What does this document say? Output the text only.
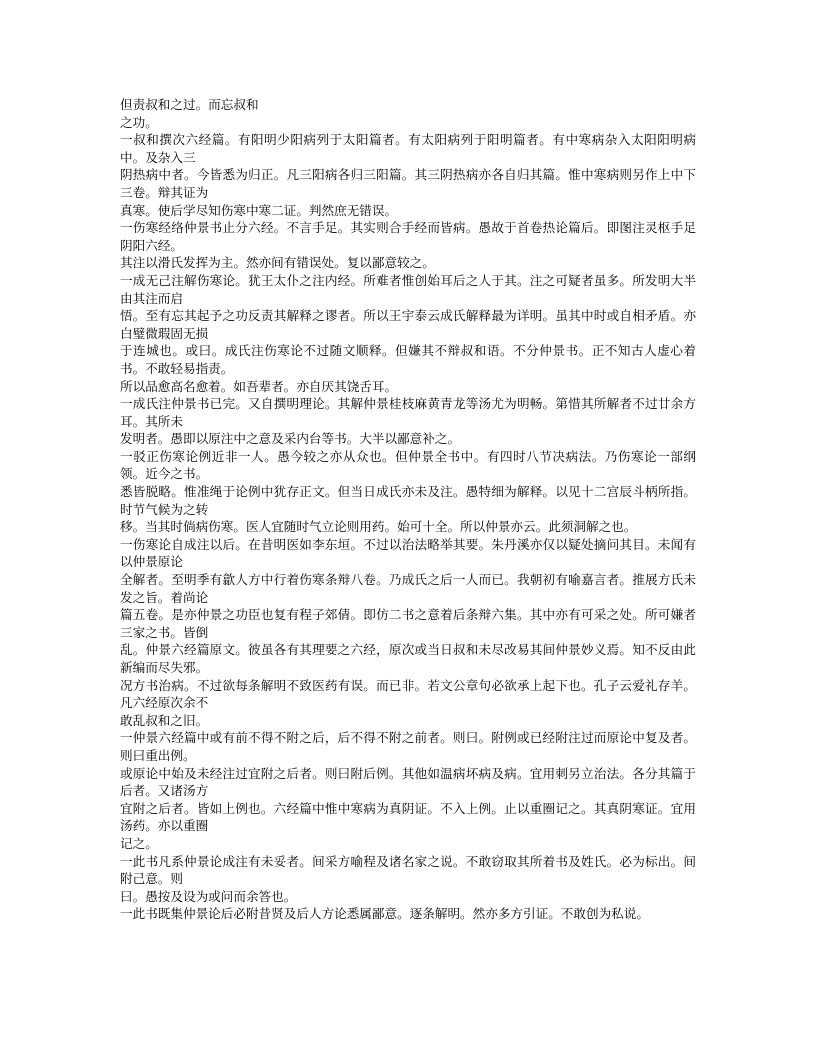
但责叔和之过。而忘叔和

之功。

一叔和撰次六经篇。有阳明少阳病列于太阳篇者。有太阳病列于阳明篇者。有中寒病杂入太阳阳明病中。及杂入三

阴热病中者。今皆悉为归正。凡三阳病各归三阳篇。其三阴热病亦各自归其篇。惟中寒病则另作上中下三卷。辩其证为

真寒。使后学尽知伤寒中寒二证。判然庶无错误。

一伤寒经络仲景书止分六经。不言手足。其实则合手经而皆病。愚故于首卷热论篇后。即图注灵枢手足阴阳六经。

其注以滑氏发挥为主。然亦间有错误处。复以鄙意较之。

一成无己注解伤寒论。犹王太仆之注内经。所难者惟创始耳后之人于其。注之可疑者虽多。所发明大半由其注而启

悟。至有忘其起予之功反责其解释之谬者。所以王宇泰云成氏解释最为详明。虽其中时或自相矛盾。亦白璧微瑕固无损

于连城也。或曰。成氏注伤寒论不过随文顺释。但嫌其不辩叔和语。不分仲景书。正不知古人虚心着书。不敢轻易指责。

所以品愈高名愈着。如吾辈者。亦自厌其饶舌耳。

一成氏注仲景书已完。又自撰明理论。其解仲景桂枝麻黄青龙等汤尤为明畅。第惜其所解者不过廿余方耳。其所未

发明者。愚即以原注中之意及采内台等书。大半以鄙意补之。

一驳正伤寒论例近非一人。愚今较之亦从众也。但仲景全书中。有四时八节决病法。乃伤寒论一部纲领。近今之书。

悉皆脱略。惟准绳于论例中犹存正文。但当日成氏亦未及注。愚特细为解释。以见十二宫辰斗柄所指。时节气候为之转

移。当其时倘病伤寒。医人宜随时气立论则用药。始可十全。所以仲景亦云。此须洞解之也。

一伤寒论自成注以后。在昔明医如李东垣。不过以治法略举其要。朱丹溪亦仅以疑处摘问其目。未闻有以仲景原论

全解者。至明季有歙人方中行着伤寒条辩八卷。乃成氏之后一人而已。我朝初有喻嘉言者。推展方氏未发之旨。着尚论

篇五卷。是亦仲景之功臣也复有程子郊倩。即仿二书之意着后条辩六集。其中亦有可采之处。所可嫌者三家之书。皆倒

乱。仲景六经篇原文。彼虽各有其理要之六经，原次或当日叔和未尽改易其间仲景妙义焉。知不反由此新编而尽失邪。

况方书治病。不过欲每条解明不致医药有误。而已非。若文公章句必欲承上起下也。孔子云爱礼存羊。凡六经原次余不

敢乱叔和之旧。

一仲景六经篇中或有前不得不附之后，后不得不附之前者。则曰。附例或已经附注过而原论中复及者。则曰重出例。

或原论中始及未经注过宜附之后者。则曰附后例。其他如温病坏病及病。宜用刺另立治法。各分其篇于后者。又诸汤方

宜附之后者。皆如上例也。六经篇中惟中寒病为真阴证。不入上例。止以重圈记之。其真阴寒证。宜用汤药。亦以重圈

记之。

一此书凡系仲景论成注有未妥者。间采方喻程及诸名家之说。不敢窃取其所着书及姓氏。必为标出。间附己意。则

曰。愚按及设为或问而余答也。

一此书既集仲景论后必附昔贤及后人方论悉属鄙意。逐条解明。然亦多方引证。不敢创为私说。
